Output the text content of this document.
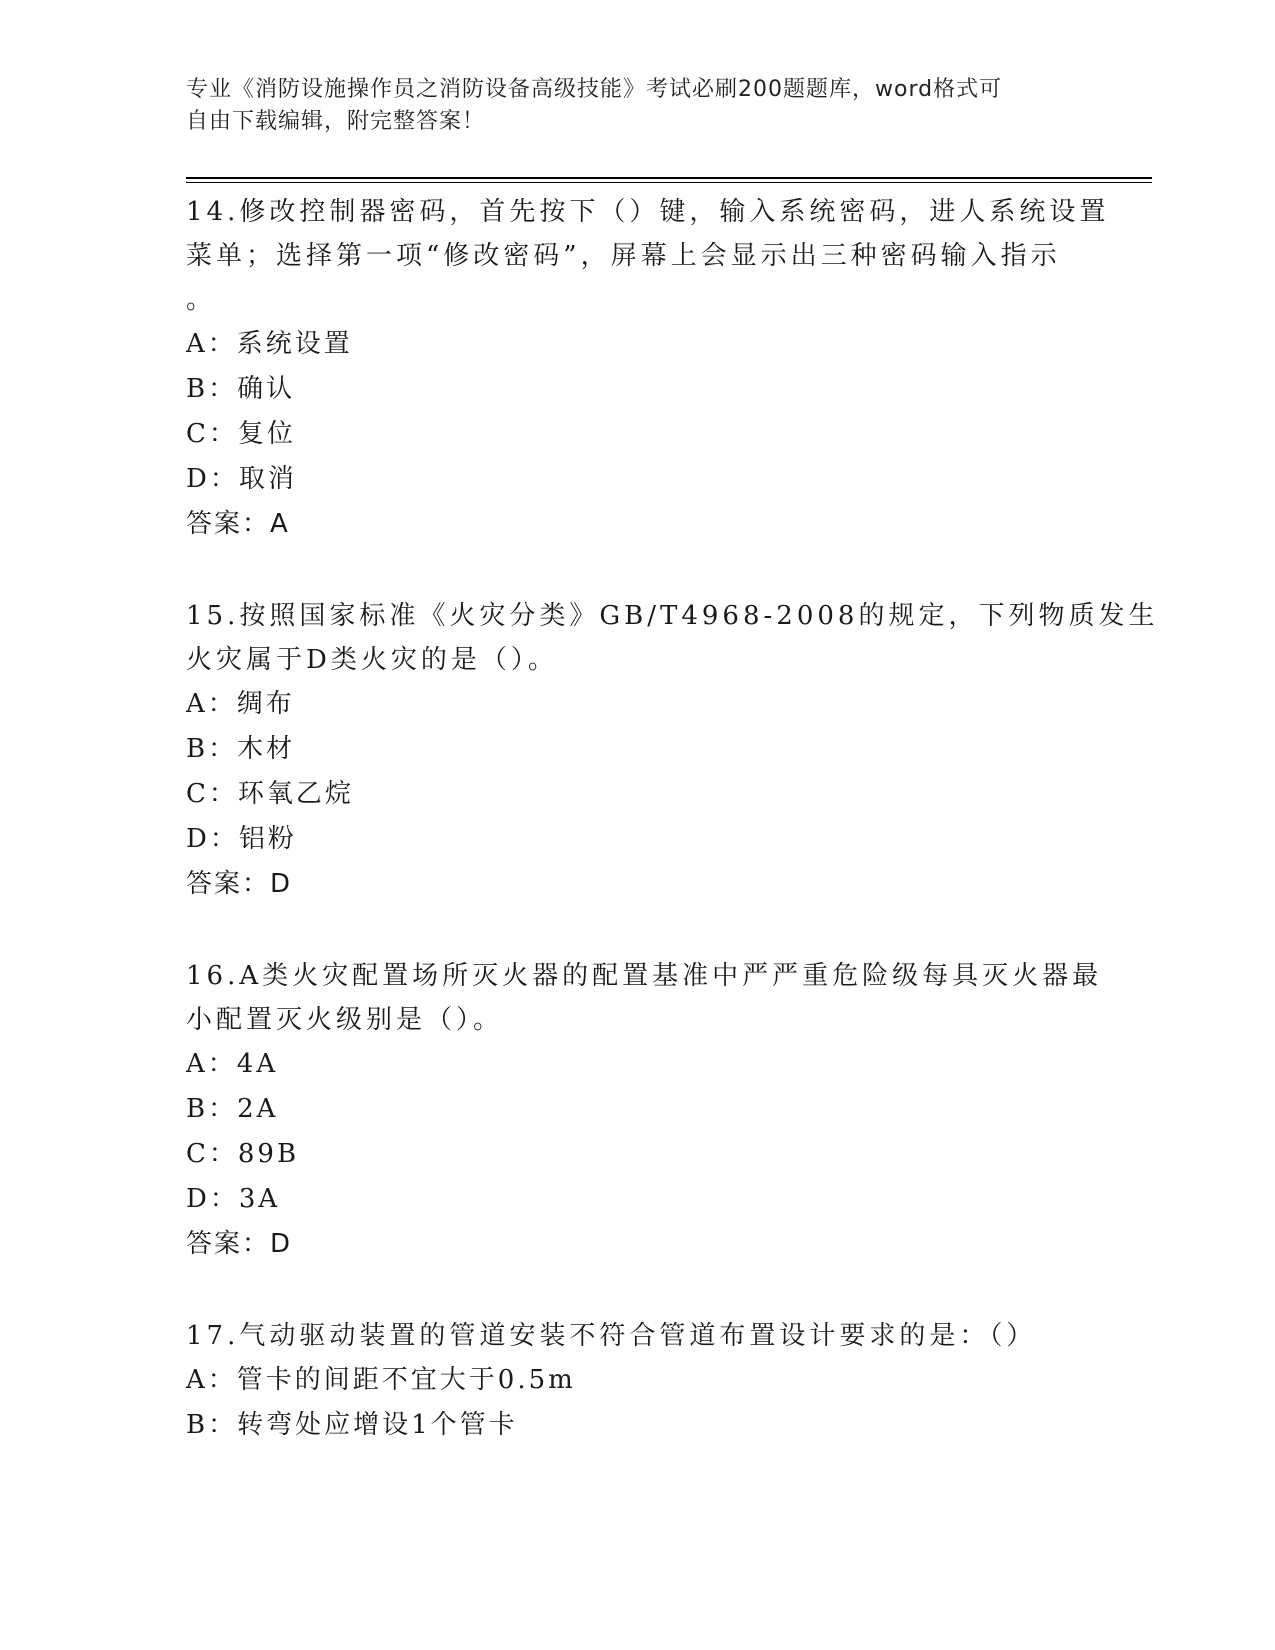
专业《消防设施操作员之消防设备高级技能》考试必刷200题题库，word格式可
自由下载编辑，附完整答案！
14.修改控制器密码，首先按下（）键，输入系统密码，进人系统设置
菜单；选择第一项“修改密码”，屏幕上会显示出三种密码输入指示
。
A：系统设置
B：确认
C：复位
D：取消
答案：A
15.按照国家标准《火灾分类》GB/T4968-2008的规定，下列物质发生
火灾属于D类火灾的是（）。
A：绸布
B：木材
C：环氧乙烷
D：铝粉
答案：D
16.A类火灾配置场所灭火器的配置基准中严严重危险级每具灭火器最
小配置灭火级别是（）。
A：4A
B：2A
C：89B
D：3A
答案：D
17.气动驱动装置的管道安装不符合管道布置设计要求的是：（）
A：管卡的间距不宜大于0.5m
B：转弯处应增设1个管卡
